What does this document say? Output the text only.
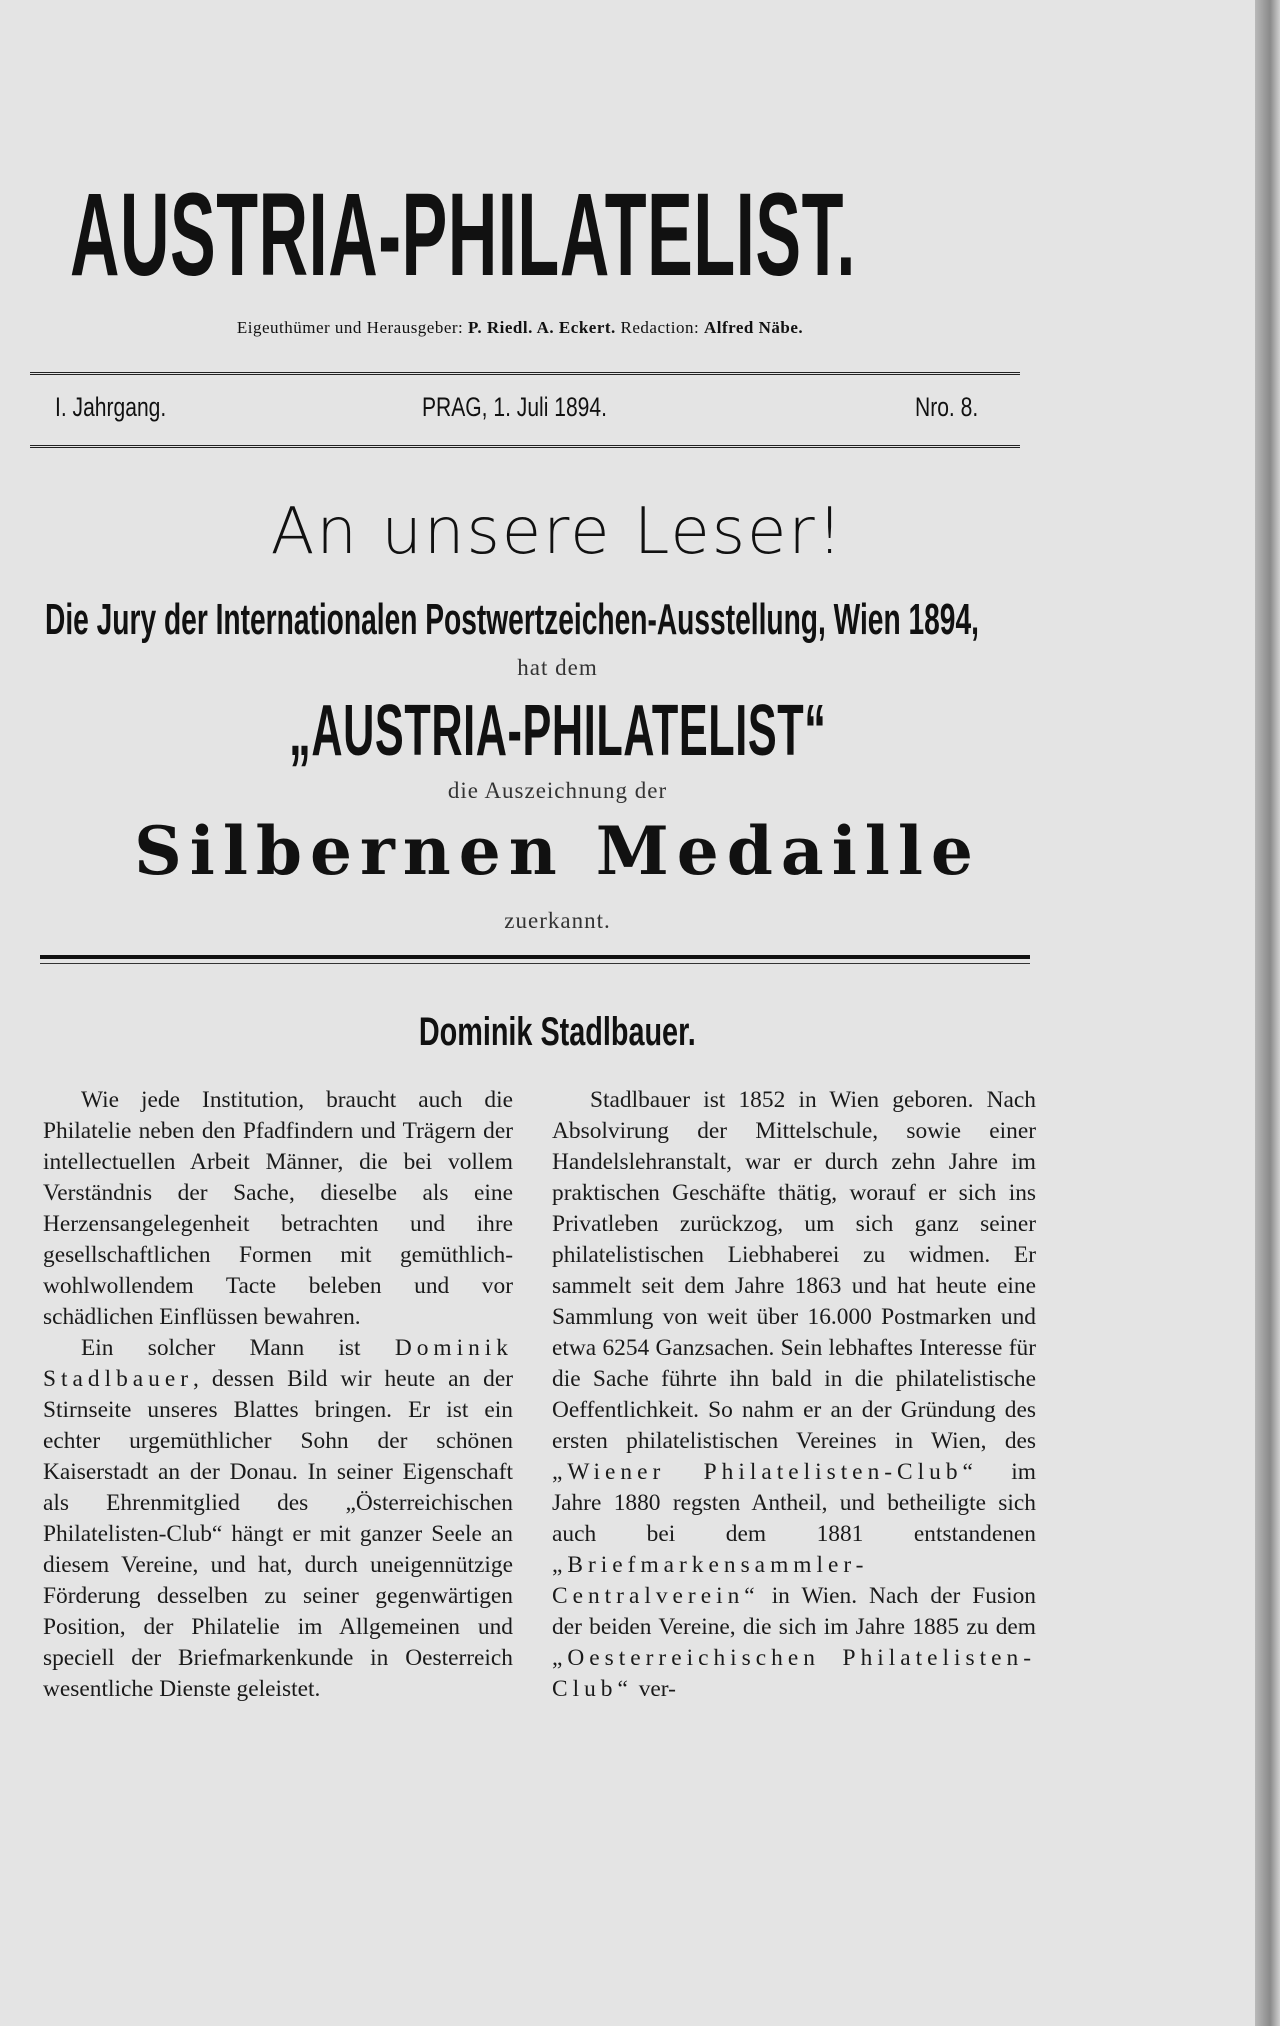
AUSTRIA-PHILATELIST.
Eigeuthümer und Herausgeber: P. Riedl. A. Eckert. Redaction: Alfred Näbe.
I. Jahrgang.	PRAG, 1. Juli 1894.	Nro. 8.
An unsere Leser!
Die Jury der Internationalen Postwertzeichen-Ausstellung, Wien 1894,
hat dem
„AUSTRIA-PHILATELIST“
die Auszeichnung der
Silbernen Medaille
zuerkannt.
Dominik Stadlbauer.

Wie jede Institution, braucht auch die Philatelie neben den Pfadfindern und Trägern der intellectuellen Arbeit Männer, die bei vollem Verständnis der Sache, dieselbe als eine Herzensangelegenheit betrachten und ihre gesellschaftlichen Formen mit gemüthlich-wohlwollendem Tacte beleben und vor schädlichen Einflüssen bewahren.

Ein solcher Mann ist Dominik Stadlbauer, dessen Bild wir heute an der Stirnseite unseres Blattes bringen. Er ist ein echter urgemüthlicher Sohn der schönen Kaiserstadt an der Donau. In seiner Eigenschaft als Ehrenmitglied des „Österreichischen Philatelisten-Club“ hängt er mit ganzer Seele an diesem Vereine, und hat, durch uneigennützige Förderung desselben zu seiner gegenwärtigen Position, der Philatelie im Allgemeinen und speciell der Briefmarkenkunde in Oesterreich wesentliche Dienste geleistet.

Stadlbauer ist 1852 in Wien geboren. Nach Absolvirung der Mittelschule, sowie einer Handelslehranstalt, war er durch zehn Jahre im praktischen Geschäfte thätig, worauf er sich ins Privatleben zurückzog, um sich ganz seiner philatelistischen Liebhaberei zu widmen. Er sammelt seit dem Jahre 1863 und hat heute eine Sammlung von weit über 16.000 Postmarken und etwa 6254 Ganzsachen. Sein lebhaftes Interesse für die Sache führte ihn bald in die philatelistische Oeffentlichkeit. So nahm er an der Gründung des ersten philatelistischen Vereines in Wien, des „Wiener Philatelisten-Club“ im Jahre 1880 regsten Antheil, und betheiligte sich auch bei dem 1881 entstandenen „Briefmarkensammler-Centralverein“ in Wien. Nach der Fusion der beiden Vereine, die sich im Jahre 1885 zu dem „Oesterreichischen Philatelisten-Club“ ver-
